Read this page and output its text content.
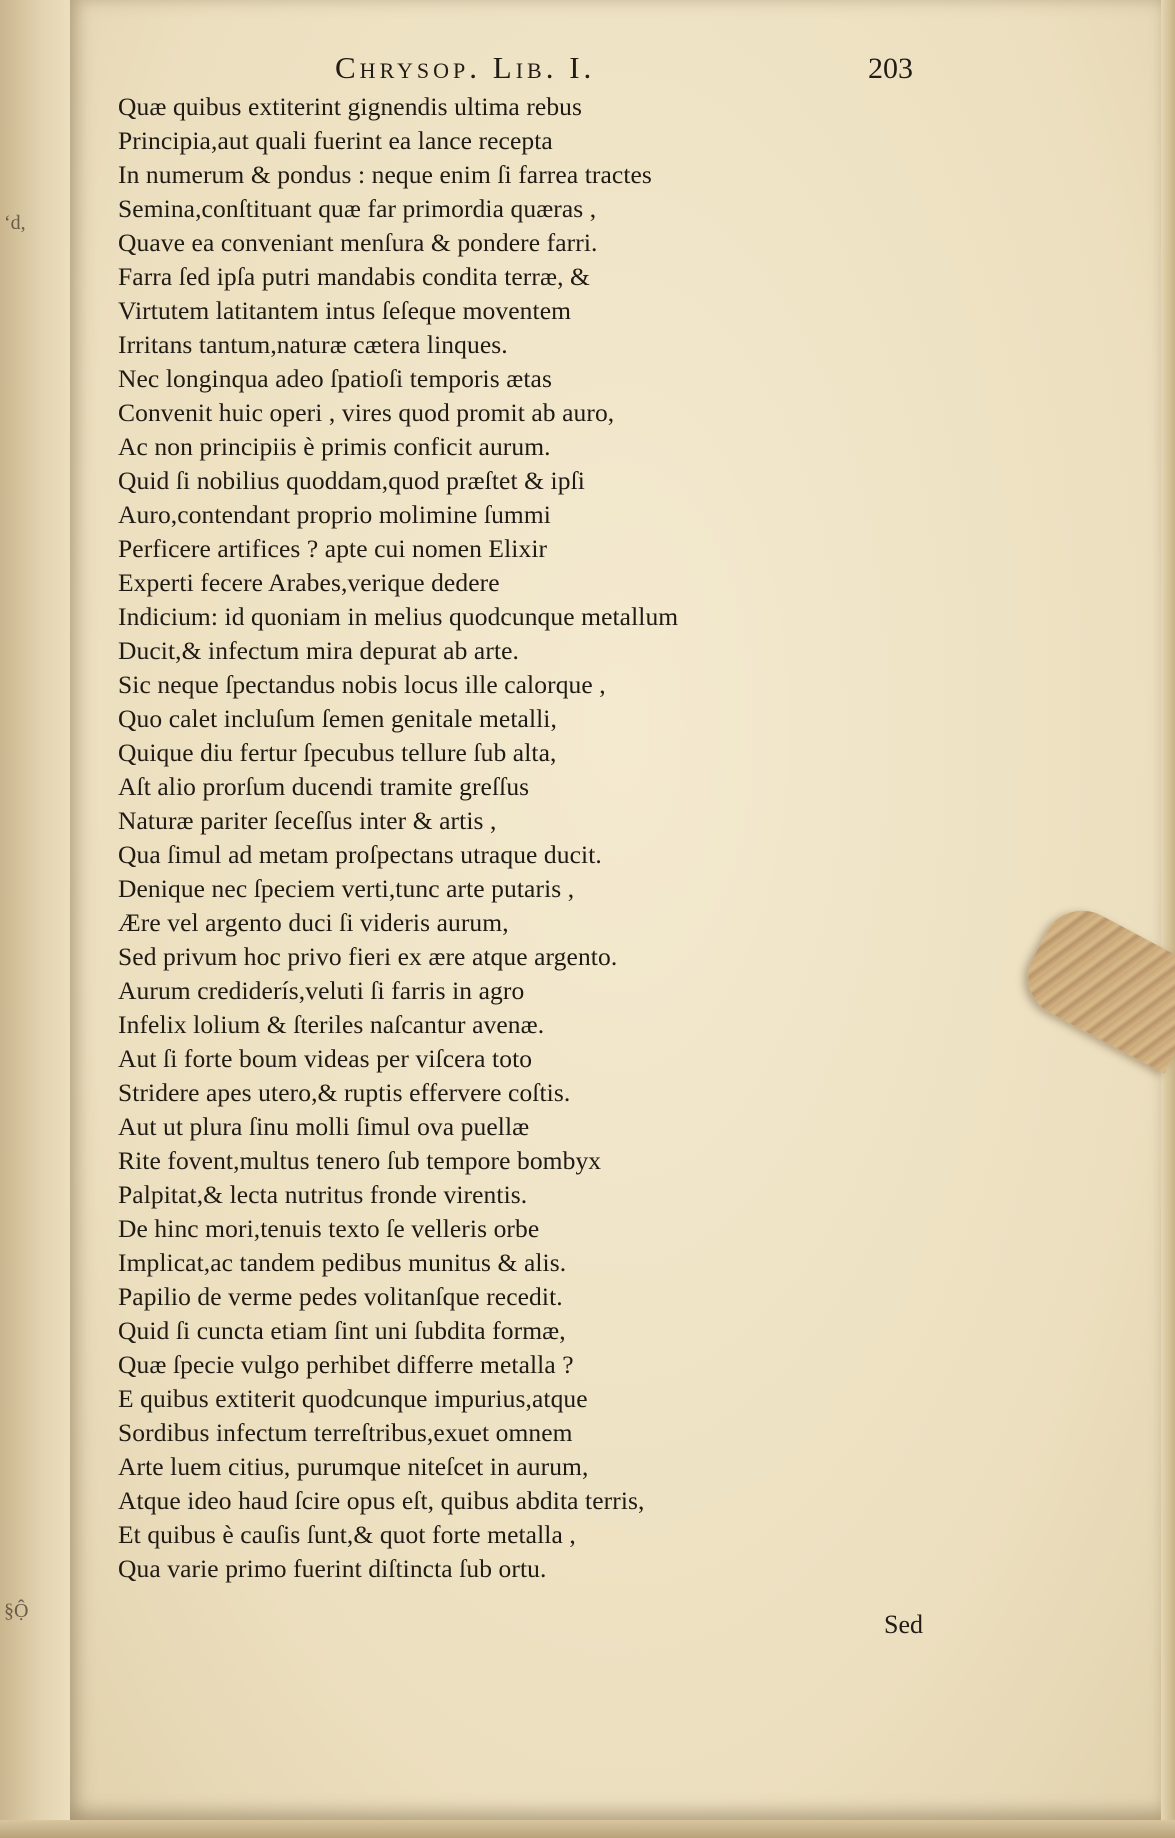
Chrysop. Lib. I.	203
‘d,
§Ộ
Quæ quibus extiterint gignendis ultima rebus
Principia,aut quali fuerint ea lance recepta
In numerum & pondus : neque enim ſi farrea tractes
Semina,conſtituant quæ far primordia quæras ,
Quave ea conveniant menſura & pondere farri.
Farra ſed ipſa putri mandabis condita terræ, &
Virtutem latitantem intus ſeſeque moventem
Irritans tantum,naturæ cætera linques.
Nec longinqua adeo ſpatioſi temporis ætas
Convenit huic operi , vires quod promit ab auro,
Ac non principiis è primis conficit aurum.
Quid ſi nobilius quoddam,quod præſtet & ipſi
Auro,contendant proprio molimine ſummi
Perficere artifices ? apte cui nomen Elixir
Experti fecere Arabes,verique dedere
Indicium: id quoniam in melius quodcunque metallum
Ducit,& infectum mira depurat ab arte.
Sic neque ſpectandus nobis locus ille calorque ,
Quo calet incluſum ſemen genitale metalli,
Quique diu fertur ſpecubus tellure ſub alta,
Aſt alio prorſum ducendi tramite greſſus
Naturæ pariter ſeceſſus inter & artis ,
Qua ſimul ad metam proſpectans utraque ducit.
Denique nec ſpeciem verti,tunc arte putaris ,
Ære vel argento duci ſi videris aurum,
Sed privum hoc privo fieri ex ære atque argento.
Aurum crediderís,veluti ſi farris in agro
Infelix lolium & ſteriles naſcantur avenæ.
Aut ſi forte boum videas per viſcera toto
Stridere apes utero,& ruptis effervere coſtis.
Aut ut plura ſinu molli ſimul ova puellæ
Rite fovent,multus tenero ſub tempore bombyx
Palpitat,& lecta nutritus fronde virentis.
De hinc mori,tenuis texto ſe velleris orbe
Implicat,ac tandem pedibus munitus & alis.
Papilio de verme pedes volitanſque recedit.
Quid ſi cuncta etiam ſint uni ſubdita formæ,
Quæ ſpecie vulgo perhibet differre metalla ?
E quibus extiterit quodcunque impurius,atque
Sordibus infectum terreſtribus,exuet omnem
Arte luem citius, purumque niteſcet in aurum,
Atque ideo haud ſcire opus eſt, quibus abdita terris,
Et quibus è cauſis ſunt,& quot forte metalla ,
Qua varie primo fuerint diſtincta ſub ortu.
Sed
